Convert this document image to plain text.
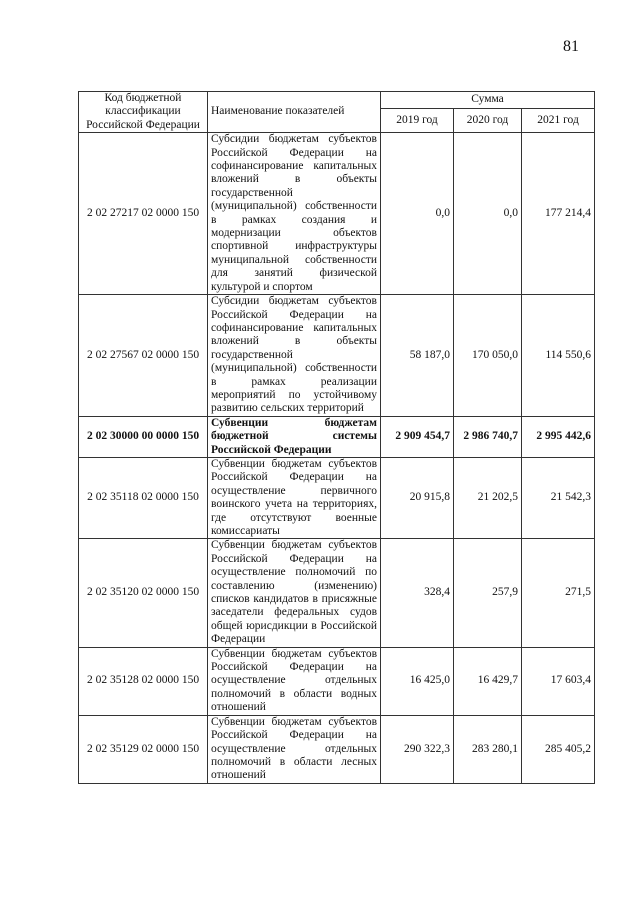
81
Код бюджетной классификации Российской Федерации	Наименование показателей	Сумма		
		2019 год	2020 год	2021 год
2 02 27217 02 0000 150	Субсидии бюджетам субъектов Российской Федерации на софинансирование капитальных вложений в объекты государственной (муниципальной) собственности в рамках создания и модернизации объектов спортивной инфраструктуры муниципальной собственности для занятий физической культурой и спортом	0,0	0,0	177 214,4
2 02 27567 02 0000 150	Субсидии бюджетам субъектов Российской Федерации на софинансирование капитальных вложений в объекты государственной (муниципальной) собственности в рамках реализации мероприятий по устойчивому развитию сельских территорий	58 187,0	170 050,0	114 550,6
2 02 30000 00 0000 150	Субвенции бюджетам бюджетной системы Российской Федерации	2 909 454,7	2 986 740,7	2 995 442,6
2 02 35118 02 0000 150	Субвенции бюджетам субъектов Российской Федерации на осуществление первичного воинского учета на территориях, где отсутствуют военные комиссариаты	20 915,8	21 202,5	21 542,3
2 02 35120 02 0000 150	Субвенции бюджетам субъектов Российской Федерации на осуществление полномочий по составлению (изменению) списков кандидатов в присяжные заседатели федеральных судов общей юрисдикции в Российской Федерации	328,4	257,9	271,5
2 02 35128 02 0000 150	Субвенции бюджетам субъектов Российской Федерации на осуществление отдельных полномочий в области водных отношений	16 425,0	16 429,7	17 603,4
2 02 35129 02 0000 150	Субвенции бюджетам субъектов Российской Федерации на осуществление отдельных полномочий в области лесных отношений	290 322,3	283 280,1	285 405,2
